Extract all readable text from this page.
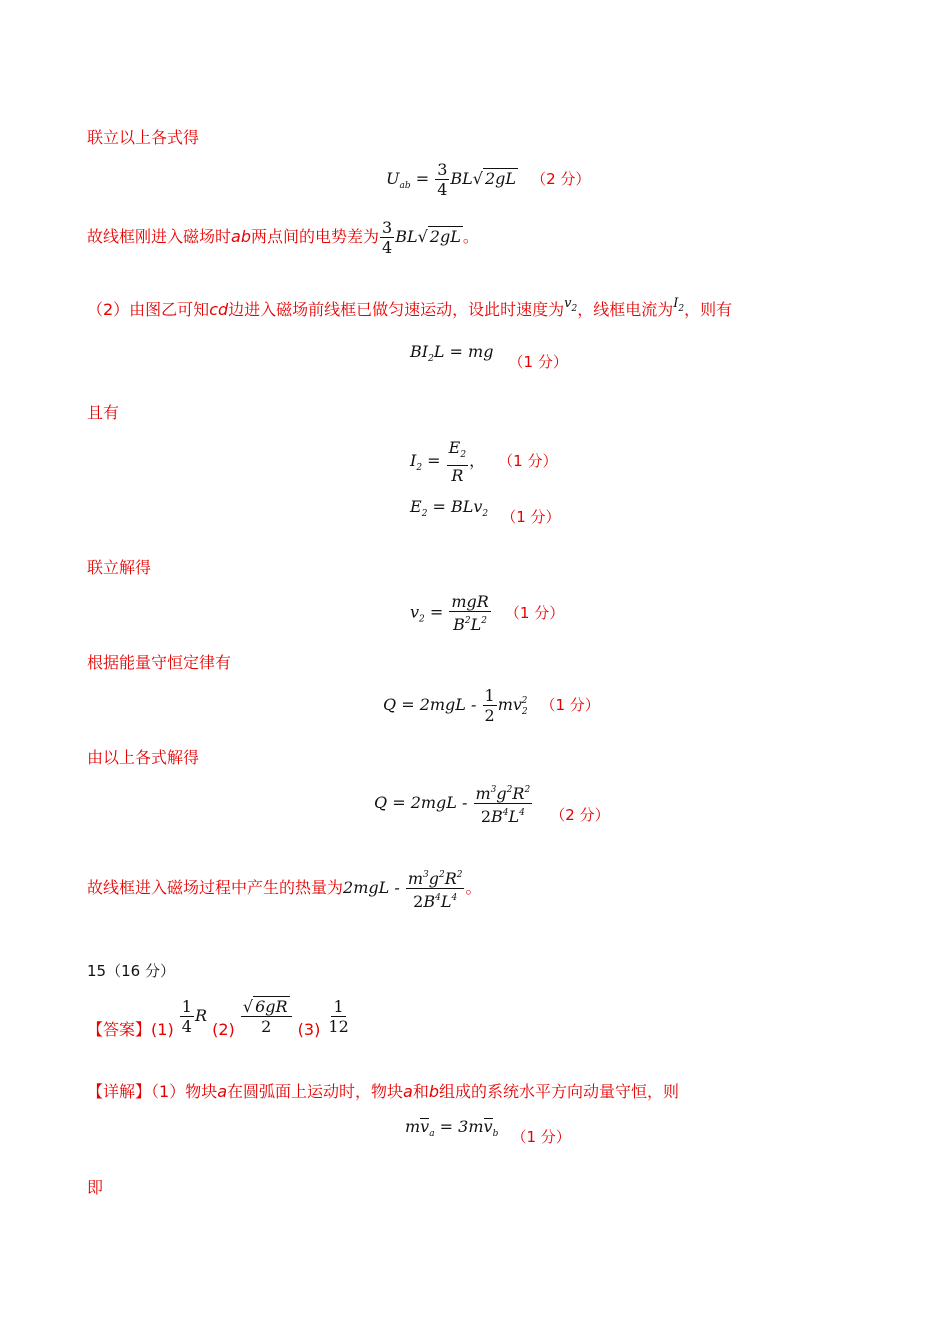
联立以上各式得
$U_{ab} = \frac{3}{4} BL√$ 2gL （2 分）
故线框刚进入磁场时ab两点间的电势差为 $\frac{3}{4} BL√$ 2gL 。
（2）由图乙可知cd边进入磁场前线框已做匀速运动，设此时速度为$^{v_2}$，线框电流为$^{I_2}$，则有
$BI_2L$ = mg （1 分）
且有
$I_2 = \frac{E_2}{R}$ ， （1 分）
$E_2 = BLv_2$ （1 分）
联立解得
$v_2 = \frac{\text{mgR}}{B^2L^2} (1$ 分）
根据能量守恒定律有
$Q = 2mgL - \frac{1}{2} mv_2^2$ （1 分）
由以上各式解得
$Q = 2mgL - \frac{m^3g^2R^2}{2B^4L^4} (2$ 分）
故线框进入磁场过程中产生的热量为$2mgL - \frac{m^3g^2R^2}{2B^4L^4}$ 。
15（16 分）
【答案】$(1) \frac{1}{4}$ R $(2) \frac{√ 6gR}{2} (3) \frac{1}{12}$
【详解】（1）物块a在圆弧面上运动时，物块a和b组成的系统水平方向动量守恒，则
$mv_a = 3mv_b$ （1 分）
即
